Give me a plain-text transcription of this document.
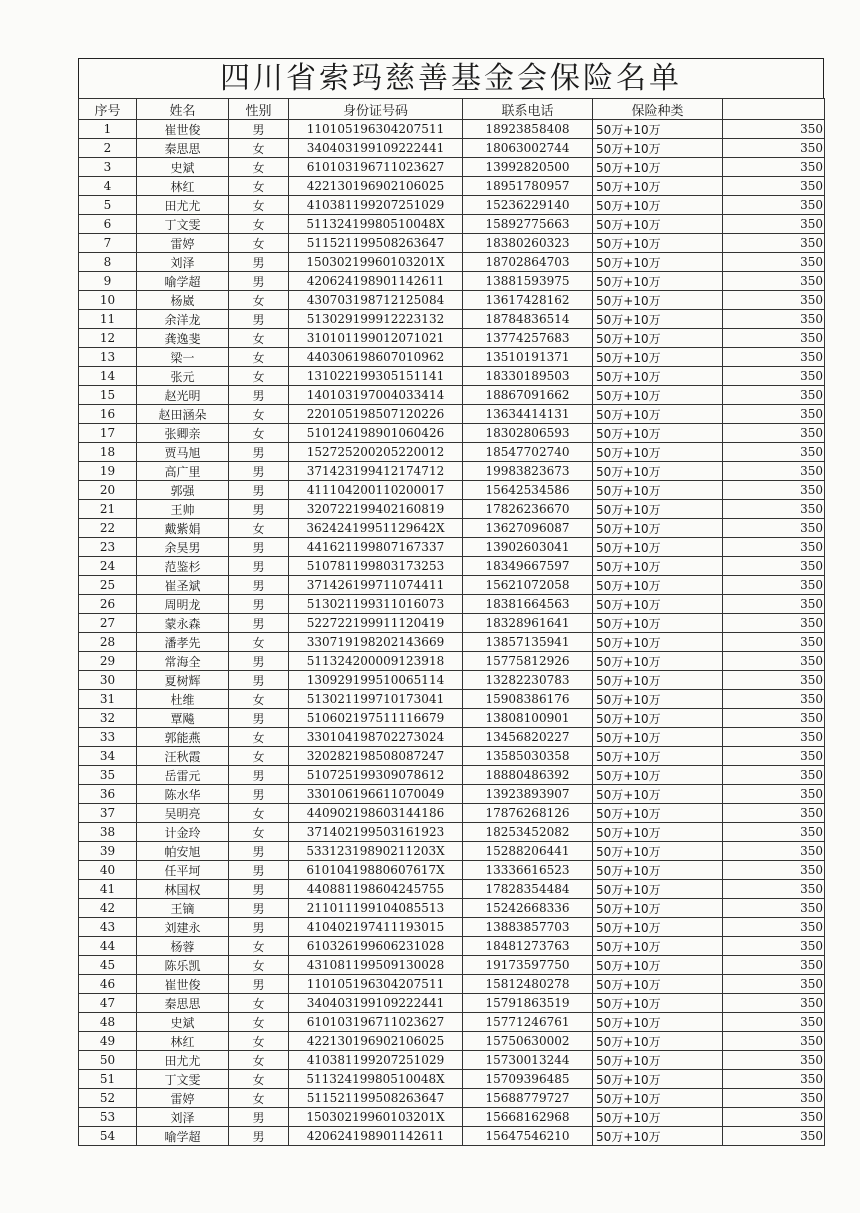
四川省索玛慈善基金会保险名单
序号	姓名	性别	身份证号码	联系电话	保险种类	
1	崔世俊	男	110105196304207511	18923858408	50万+10万	350
2	秦思思	女	340403199109222441	18063002744	50万+10万	350
3	史斌	女	610103196711023627	13992820500	50万+10万	350
4	林红	女	422130196902106025	18951780957	50万+10万	350
5	田尤尤	女	410381199207251029	15236229140	50万+10万	350
6	丁文雯	女	51132419980510048X	15892775663	50万+10万	350
7	雷婷	女	511521199508263647	18380260323	50万+10万	350
8	刘泽	男	15030219960103201X	18702864703	50万+10万	350
9	喻学超	男	420624198901142611	13881593975	50万+10万	350
10	杨崴	女	430703198712125084	13617428162	50万+10万	350
11	余洋龙	男	513029199912223132	18784836514	50万+10万	350
12	龚逸斐	女	310101199012071021	13774257683	50万+10万	350
13	梁一	女	440306198607010962	13510191371	50万+10万	350
14	张元	女	131022199305151141	18330189503	50万+10万	350
15	赵光明	男	140103197004033414	18867091662	50万+10万	350
16	赵田涵朵	女	220105198507120226	13634414131	50万+10万	350
17	张卿亲	女	510124198901060426	18302806593	50万+10万	350
18	贾马旭	男	152725200205220012	18547702740	50万+10万	350
19	高广里	男	371423199412174712	19983823673	50万+10万	350
20	郭强	男	411104200110200017	15642534586	50万+10万	350
21	王帅	男	320722199402160819	17826236670	50万+10万	350
22	戴紫娟	女	36242419951129642X	13627096087	50万+10万	350
23	余昊男	男	441621199807167337	13902603041	50万+10万	350
24	范鉴杉	男	510781199803173253	18349667597	50万+10万	350
25	崔圣斌	男	371426199711074411	15621072058	50万+10万	350
26	周明龙	男	513021199311016073	18381664563	50万+10万	350
27	蒙永森	男	522722199911120419	18328961641	50万+10万	350
28	潘孝先	女	330719198202143669	13857135941	50万+10万	350
29	常海全	男	511324200009123918	15775812926	50万+10万	350
30	夏树辉	男	130929199510065114	13282230783	50万+10万	350
31	杜维	女	513021199710173041	15908386176	50万+10万	350
32	覃飚	男	510602197511116679	13808100901	50万+10万	350
33	郭能燕	女	330104198702273024	13456820227	50万+10万	350
34	汪秋霞	女	320282198508087247	13585030358	50万+10万	350
35	岳雷元	男	510725199309078612	18880486392	50万+10万	350
36	陈水华	男	330106196611070049	13923893907	50万+10万	350
37	吴明亮	女	440902198603144186	17876268126	50万+10万	350
38	计金玲	女	371402199503161923	18253452082	50万+10万	350
39	帕安旭	男	53312319890211203X	15288206441	50万+10万	350
40	任平坷	男	61010419880607617X	13336616523	50万+10万	350
41	林国权	男	440881198604245755	17828354484	50万+10万	350
42	王镝	男	211011199104085513	15242668336	50万+10万	350
43	刘建永	男	410402197411193015	13883857703	50万+10万	350
44	杨蓉	女	610326199606231028	18481273763	50万+10万	350
45	陈乐凯	女	431081199509130028	19173597750	50万+10万	350
46	崔世俊	男	110105196304207511	15812480278	50万+10万	350
47	秦思思	女	340403199109222441	15791863519	50万+10万	350
48	史斌	女	610103196711023627	15771246761	50万+10万	350
49	林红	女	422130196902106025	15750630002	50万+10万	350
50	田尤尤	女	410381199207251029	15730013244	50万+10万	350
51	丁文雯	女	51132419980510048X	15709396485	50万+10万	350
52	雷婷	女	511521199508263647	15688779727	50万+10万	350
53	刘泽	男	15030219960103201X	15668162968	50万+10万	350
54	喻学超	男	420624198901142611	15647546210	50万+10万	350
